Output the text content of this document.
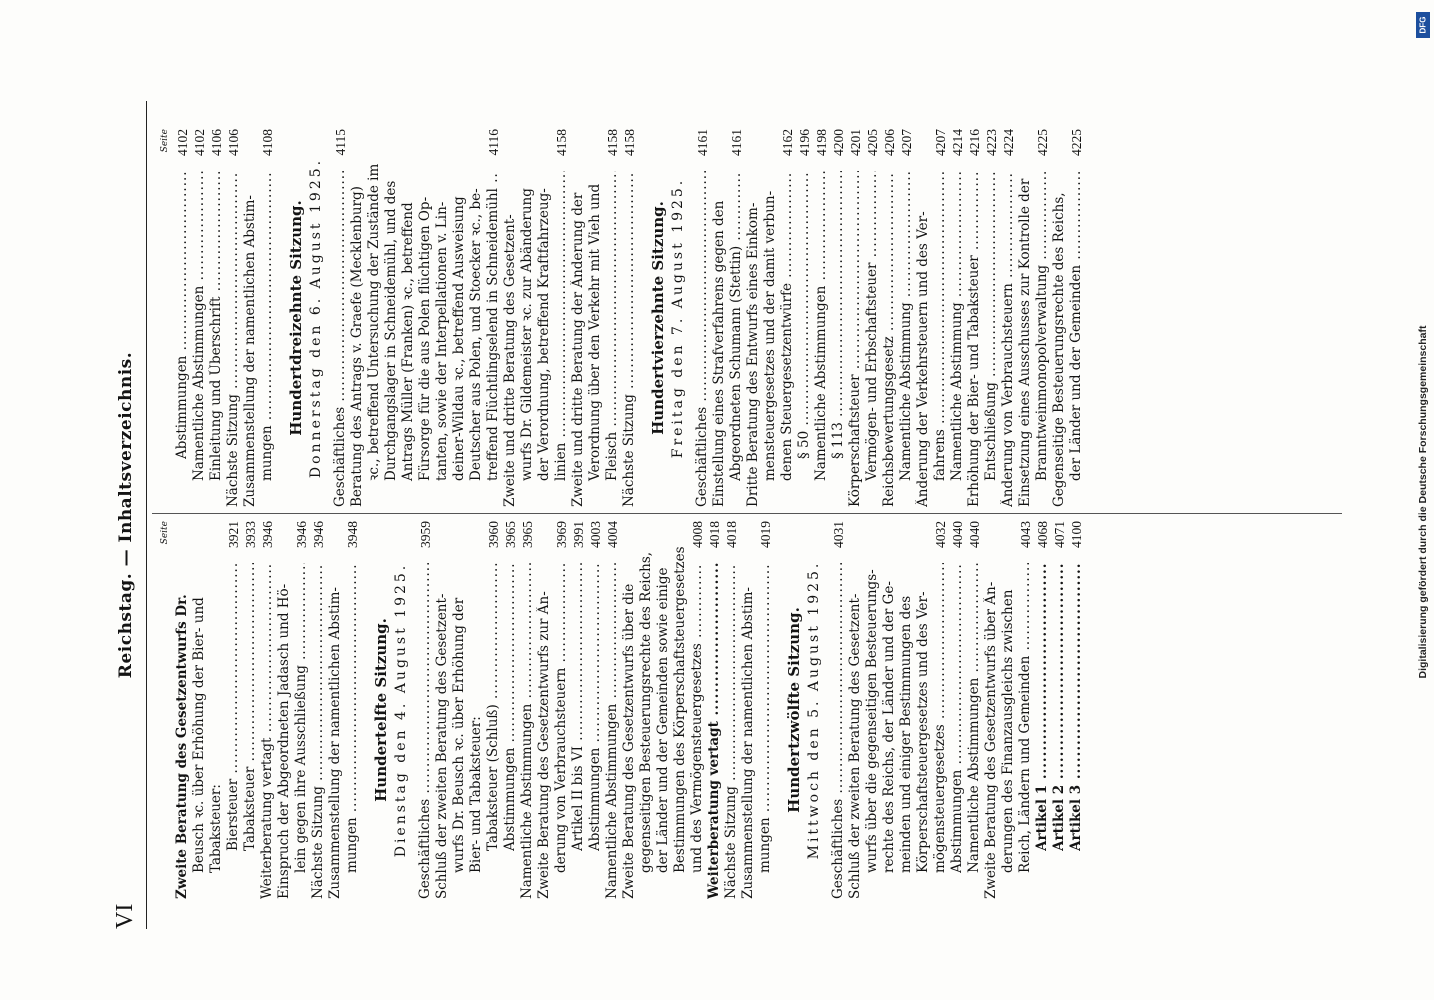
VI
Reichstag. — Inhaltsverzeichnis.	Seite
Zweite Beratung des Gesetzentwurfs Dr. Beusch ꝛc. über Erhöhung der Bier- und Tabaksteuer: Biersteuer .....
3921
Tabaksteuer .....
3933
Weiterberatung vertagt .....
3946
Einspruch der Abgeordneten Jadasch und Hö- lein gegen ihre Ausschließung .....
3946
Nächste Sitzung .....
3946
Zusammenstellung der namentlichen Abstim- mungen .....
3948
Hundertelfte Sitzung. Dienstag den 4. August 1925. Geschäftliches .....
3959
Schluß der zweiten Beratung des Gesetzent- wurfs Dr. Beusch ꝛc. über Erhöhung der Bier- und Tabaksteuer: Tabaksteuer (Schluß) .....
3960
Abstimmungen .....
3965
Namentliche Abstimmungen .....
3965
Zweite Beratung des Gesetzentwurfs zur Än- derung von Verbrauchsteuern .....
3969
Artikel II bis VI .....
3991
Abstimmungen .....
4003
Namentliche Abstimmungen .....
4004
Zweite Beratung des Gesetzentwurfs über die gegenseitigen Besteuerungsrechte des Reichs, der Länder und der Gemeinden sowie einige Bestimmungen des Körperschaftsteuergesetzes und des Vermögensteuergesetzes .....
4008
Weiterberatung vertagt .....
4018
Nächste Sitzung .....
4018
Zusammenstellung der namentlichen Abstim- mungen .....
4019
Hundertzwölfte Sitzung. Mittwoch den 5. August 1925. Geschäftliches .....
4031
Schluß der zweiten Beratung des Gesetzent- wurfs über die gegenseitigen Besteuerungs- rechte des Reichs, der Länder und der Ge- meinden und einiger Bestimmungen des Körperschaftsteuergesetzes und des Ver- mögensteuergesetzes .....
4032
Abstimmungen .....
4040
Namentliche Abstimmungen .....
4040
Zweite Beratung des Gesetzentwurfs über Än- derungen des Finanzausgleichs zwischen Reich, Ländern und Gemeinden .....
4043
Artikel 1 .....
4068
Artikel 2 .....
4071
Artikel 3 .....
4100
Seite
Abstimmungen .....
4102
Namentliche Abstimmungen .....
4102
Einleitung und Überschrift .....
4106
Nächste Sitzung .....
4106
Zusammenstellung der namentlichen Abstim- mungen .....
4108
Hundertdreizehnte Sitzung. Donnerstag den 6. August 1925. Geschäftliches .....
4115
Beratung des Antrags v. Graefe (Mecklenburg) ꝛc., betreffend Untersuchung der Zustände im Durchgangslager in Schneidemühl, und des Antrags Müller (Franken) ꝛc., betreffend Fürsorge für die aus Polen flüchtigen Op- tanten, sowie der Interpellationen v. Lin- deiner-Wildau ꝛc., betreffend Ausweisung Deutscher aus Polen, und Stoecker ꝛc., be- treffend Flüchtlingselend in Schneidemühl .....
4116
Zweite und dritte Beratung des Gesetzent- wurfs Dr. Gildemeister ꝛc. zur Abänderung der Verordnung, betreffend Kraftfahrzeug- linien .....
4158
Zweite und dritte Beratung der Änderung der Verordnung über den Verkehr mit Vieh und Fleisch .....
4158
Nächste Sitzung .....
4158
Hundertvierzehnte Sitzung. Freitag den 7. August 1925. Geschäftliches .....
4161
Einstellung eines Strafverfahrens gegen den Abgeordneten Schumann (Stettin) .....
4161
Dritte Beratung des Entwurfs eines Einkom- mensteuergesetzes und der damit verbun- denen Steuergesetzentwürfe .....
4162
§ 50 .....
4196
Namentliche Abstimmungen .....
4198
§ 113 .....
4200
Körperschaftsteuer .....
4201
Vermögen- und Erbschaftsteuer .....
4205
Reichsbewertungsgesetz .....
4206
Namentliche Abstimmung .....
4207
Änderung der Verkehrsteuern und des Ver- fahrens .....
4207
Namentliche Abstimmung .....
4214
Erhöhung der Bier- und Tabaksteuer .....
4216
Entschließung .....
4223
Änderung von Verbrauchsteuern .....
4224
Einsetzung eines Ausschusses zur Kontrolle der Branntweinmonopolverwaltung .....
4225
Gegenseitige Besteuerungsrechte des Reichs, der Länder und der Gemeinden .....
4225
DFG
Digitalisierung gefördert durch die Deutsche Forschungsgemeinschaft
